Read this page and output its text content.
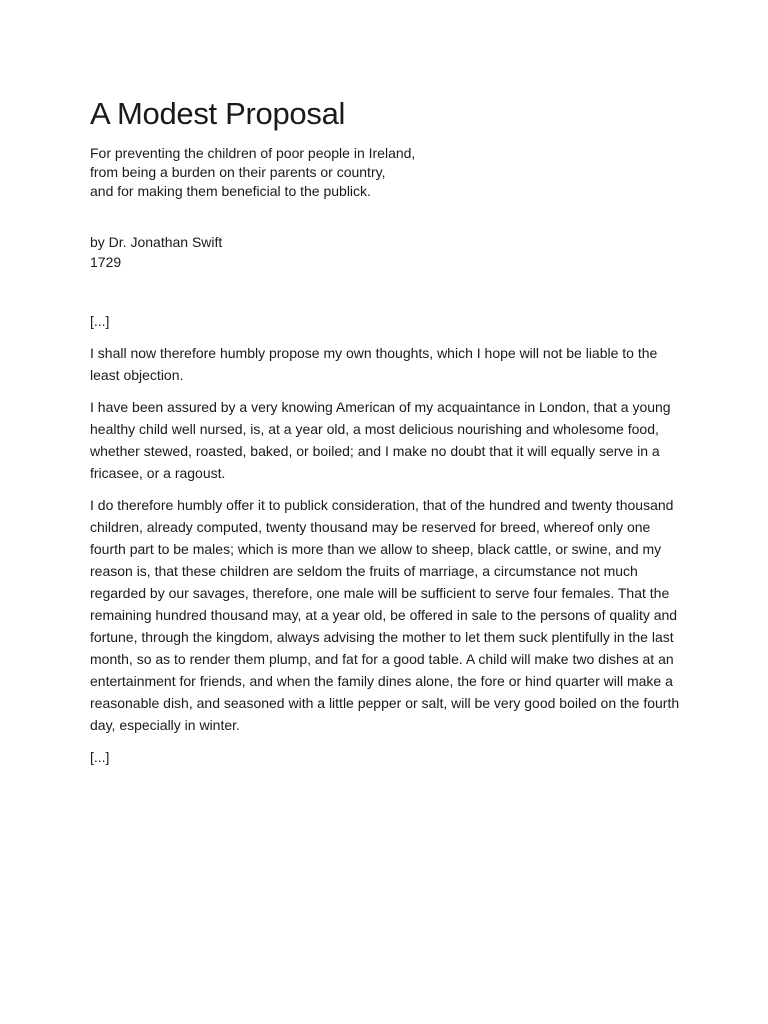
A Modest Proposal
For preventing the children of poor people in Ireland,
from being a burden on their parents or country,
and for making them beneficial to the publick.
by Dr. Jonathan Swift
1729

[...]

I shall now therefore humbly propose my own thoughts, which I hope will not be liable to the least objection.

I have been assured by a very knowing American of my acquaintance in London, that a young healthy child well nursed, is, at a year old, a most delicious nourishing and wholesome food, whether stewed, roasted, baked, or boiled; and I make no doubt that it will equally serve in a fricasee, or a ragoust.

I do therefore humbly offer it to publick consideration, that of the hundred and twenty thousand children, already computed, twenty thousand may be reserved for breed, whereof only one fourth part to be males; which is more than we allow to sheep, black cattle, or swine, and my reason is, that these children are seldom the fruits of marriage, a circumstance not much regarded by our savages, therefore, one male will be sufficient to serve four females. That the remaining hundred thousand may, at a year old, be offered in sale to the persons of quality and fortune, through the kingdom, always advising the mother to let them suck plentifully in the last month, so as to render them plump, and fat for a good table. A child will make two dishes at an entertainment for friends, and when the family dines alone, the fore or hind quarter will make a reasonable dish, and seasoned with a little pepper or salt, will be very good boiled on the fourth day, especially in winter.

[...]
